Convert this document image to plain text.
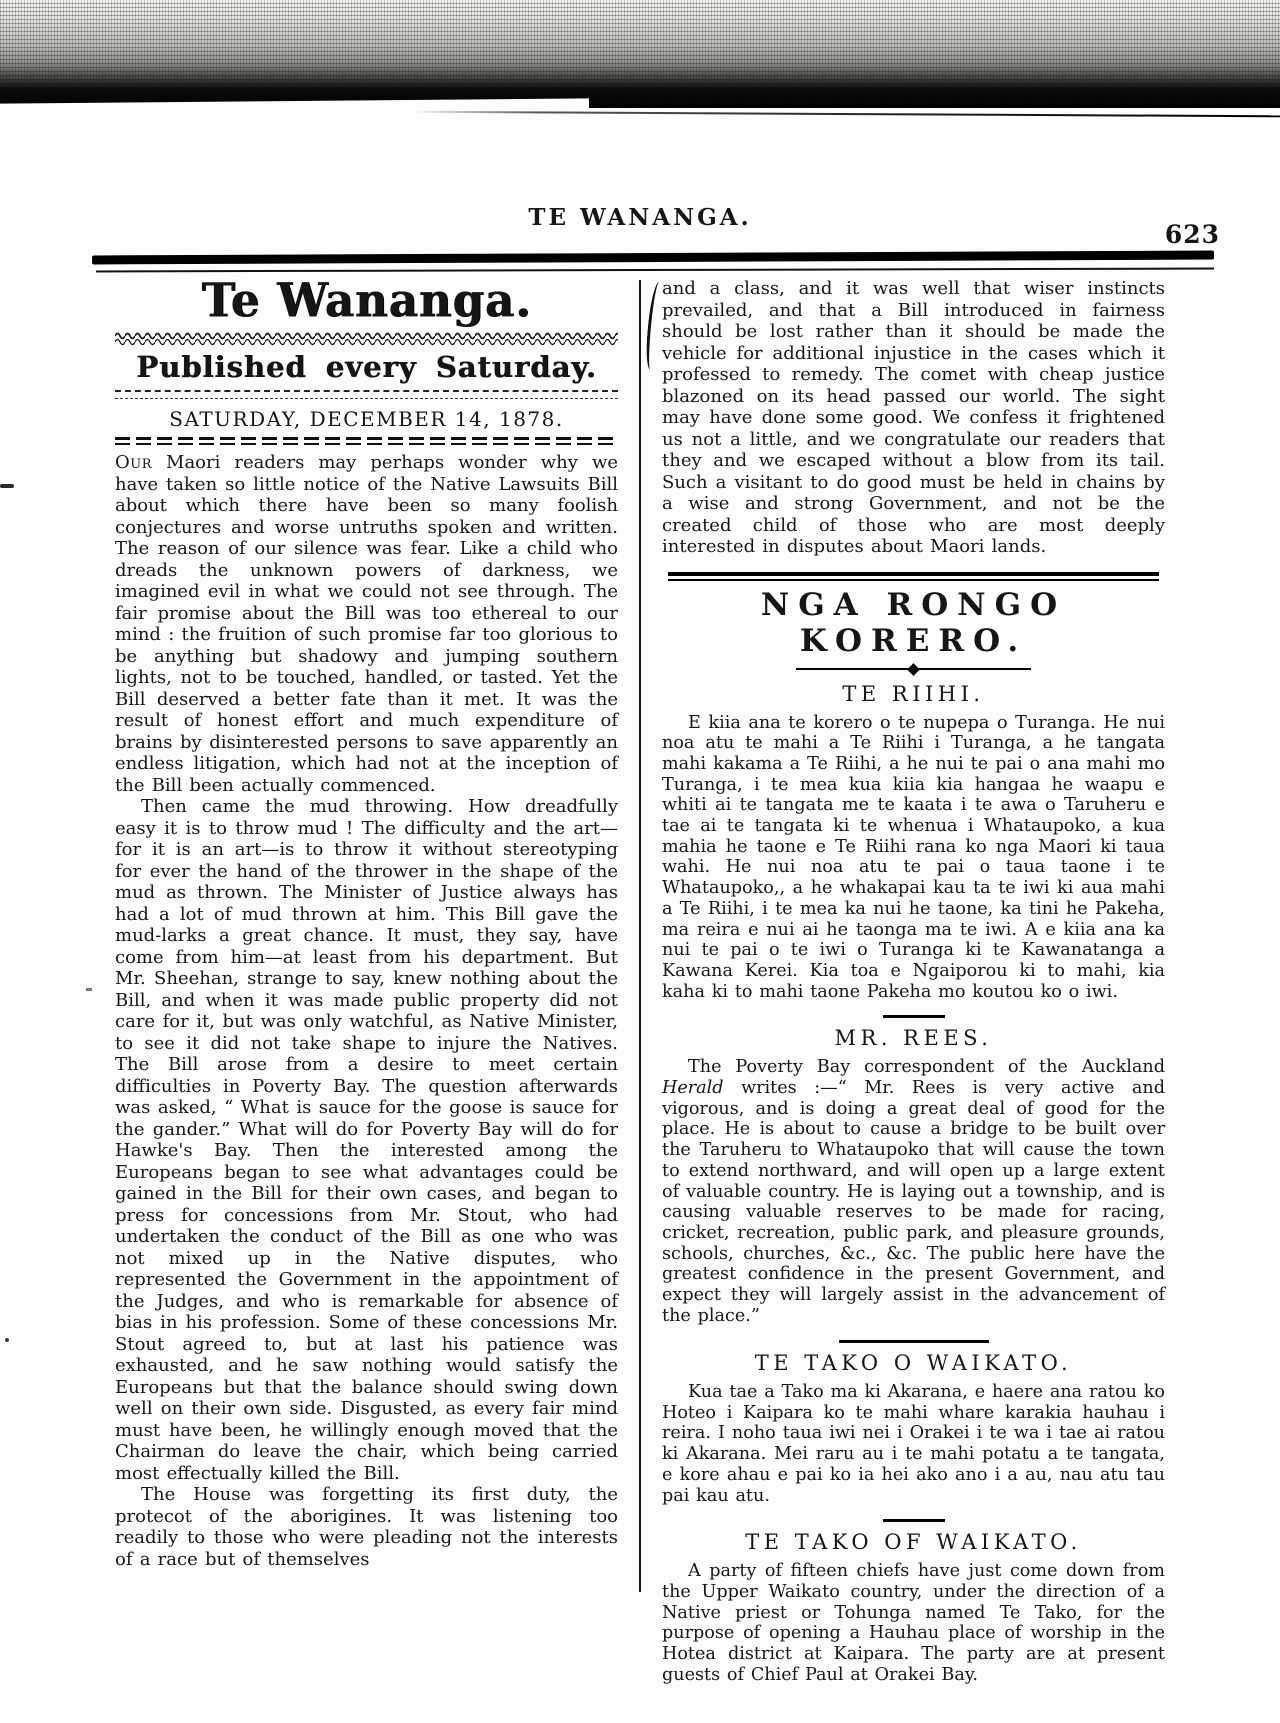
TE WANANGA.
623
Te Wananga.
Published every Saturday.
SATURDAY, DECEMBER 14, 1878.

Our Maori readers may perhaps wonder why we have taken so little notice of the Native Lawsuits Bill about which there have been so many foolish conjectures and worse untruths spoken and written. The reason of our silence was fear. Like a child who dreads the unknown powers of darkness, we imagined evil in what we could not see through. The fair promise about the Bill was too ethereal to our mind : the fruition of such promise far too glorious to be anything but shadowy and jumping southern lights, not to be touched, handled, or tasted. Yet the Bill deserved a better fate than it met. It was the result of honest effort and much expenditure of brains by disinterested persons to save apparently an endless litigation, which had not at the inception of the Bill been actually commenced.

Then came the mud throwing. How dreadfully easy it is to throw mud ! The difficulty and the art—for it is an art—is to throw it without stereotyping for ever the hand of the thrower in the shape of the mud as thrown. The Minister of Justice always has had a lot of mud thrown at him. This Bill gave the mud-larks a great chance. It must, they say, have come from him—at least from his department. But Mr. Sheehan, strange to say, knew nothing about the Bill, and when it was made public property did not care for it, but was only watchful, as Native Minister, to see it did not take shape to injure the Natives. The Bill arose from a desire to meet certain difficulties in Poverty Bay. The question afterwards was asked, “ What is sauce for the goose is sauce for the gander.” What will do for Poverty Bay will do for Hawke's Bay. Then the interested among the Europeans began to see what advantages could be gained in the Bill for their own cases, and began to press for concessions from Mr. Stout, who had undertaken the conduct of the Bill as one who was not mixed up in the Native disputes, who represented the Government in the appointment of the Judges, and who is remarkable for absence of bias in his profession. Some of these concessions Mr. Stout agreed to, but at last his patience was exhausted, and he saw nothing would satisfy the Europeans but that the balance should swing down well on their own side. Disgusted, as every fair mind must have been, he willingly enough moved that the Chairman do leave the chair, which being carried most effectually killed the Bill.

The House was forgetting its first duty, the protecot of the aborigines. It was listening too readily to those who were pleading not the interests of a race but of themselves

and a class, and it was well that wiser instincts prevailed, and that a Bill introduced in fairness should be lost rather than it should be made the vehicle for additional injustice in the cases which it professed to remedy. The comet with cheap justice blazoned on its head passed our world. The sight may have done some good. We confess it frightened us not a little, and we congratulate our readers that they and we escaped without a blow from its tail. Such a visitant to do good must be held in chains by a wise and strong Government, and not be the created child of those who are most deeply interested in disputes about Maori lands.

NGA RONGO KORERO.
TE RIIHI.

E kiia ana te korero o te nupepa o Turanga. He nui noa atu te mahi a Te Riihi i Turanga, a he tangata mahi kakama a Te Riihi, a he nui te pai o ana mahi mo Turanga, i te mea kua kiia kia hangaa he waapu e whiti ai te tangata me te kaata i te awa o Taruheru e tae ai te tangata ki te whenua i Whataupoko, a kua mahia he taone e Te Riihi rana ko nga Maori ki taua wahi. He nui noa atu te pai o taua taone i te Whataupoko,, a he whakapai kau ta te iwi ki aua mahi a Te Riihi, i te mea ka nui he taone, ka tini he Pakeha, ma reira e nui ai he taonga ma te iwi. A e kiia ana ka nui te pai o te iwi o Turanga ki te Kawanatanga a Kawana Kerei. Kia toa e Ngaiporou ki to mahi, kia kaha ki to mahi taone Pakeha mo koutou ko o iwi.

MR. REES.

The Poverty Bay correspondent of the Auckland Herald writes :—“ Mr. Rees is very active and vigorous, and is doing a great deal of good for the place. He is about to cause a bridge to be built over the Taruheru to Whataupoko that will cause the town to extend northward, and will open up a large extent of valuable country. He is laying out a township, and is causing valuable reserves to be made for racing, cricket, recreation, public park, and pleasure grounds, schools, churches, &c., &c. The public here have the greatest confidence in the present Government, and expect they will largely assist in the advancement of the place.”

TE TAKO O WAIKATO.

Kua tae a Tako ma ki Akarana, e haere ana ratou ko Hoteo i Kaipara ko te mahi whare karakia hauhau i reira. I noho taua iwi nei i Orakei i te wa i tae ai ratou ki Akarana. Mei raru au i te mahi potatu a te tangata, e kore ahau e pai ko ia hei ako ano i a au, nau atu tau pai kau atu.

TE TAKO OF WAIKATO.

A party of fifteen chiefs have just come down from the Upper Waikato country, under the direction of a Native priest or Tohunga named Te Tako, for the purpose of opening a Hauhau place of worship in the Hotea district at Kaipara. The party are at present guests of Chief Paul at Orakei Bay.
